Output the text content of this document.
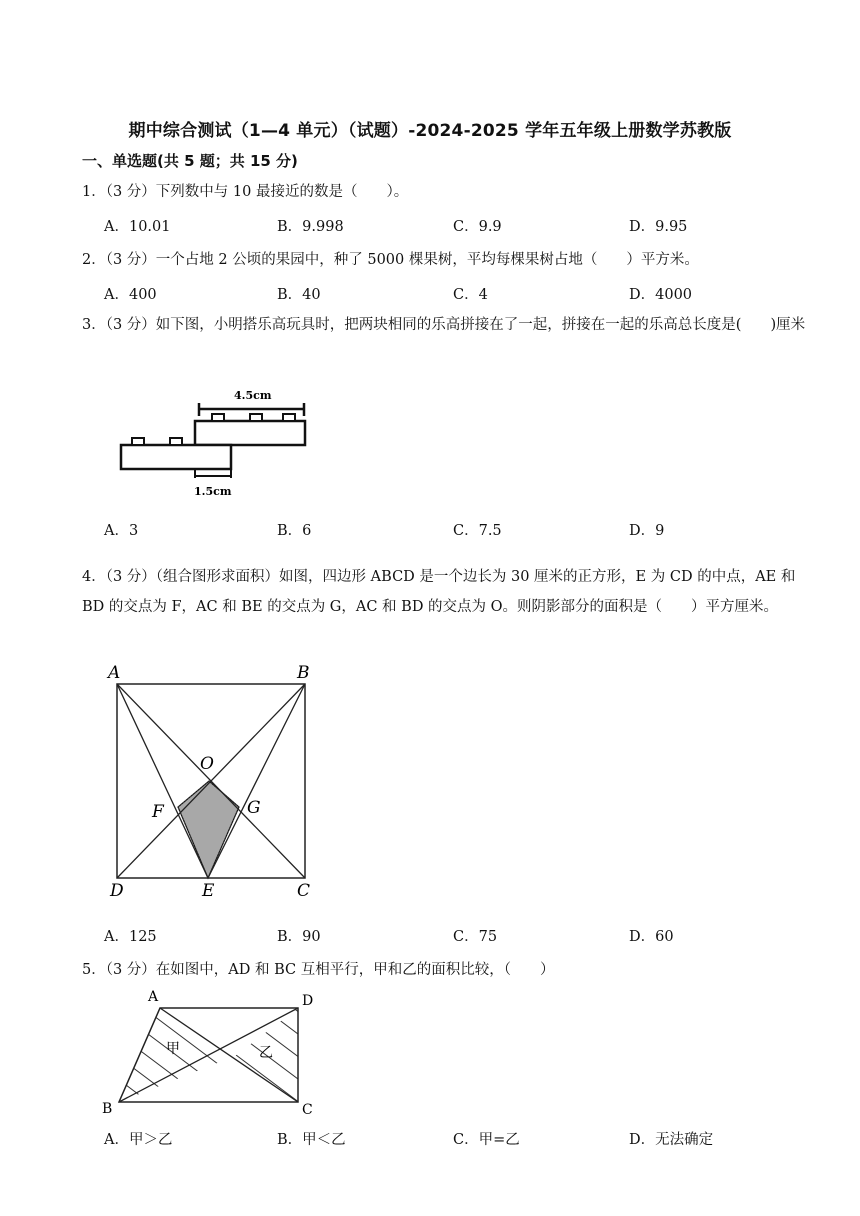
期中综合测试（1—4 单元）（试题）-2024-2025 学年五年级上册数学苏教版
一、单选题(共 5 题；共 15 分)
1．（3 分）下列数中与 10 最接近的数是（　　）。
A．10.01	B．9.998	C．9.9	D．9.95
2．（3 分）一个占地 2 公顷的果园中，种了 5000 棵果树，平均每棵果树占地（　　）平方米。
A．400	B．40	C．4	D．4000
3．（3 分）如下图，小明搭乐高玩具时，把两块相同的乐高拼接在了一起，拼接在一起的乐高总长度是(　　)厘米
4.5cm
1.5cm
A．3	B．6	C．7.5	D．9
4．（3 分）（组合图形求面积）如图，四边形 ABCD 是一个边长为 30 厘米的正方形，E 为 CD 的中点，AE 和 BD 的交点为 F，AC 和 BE 的交点为 G，AC 和 BD 的交点为 O。则阴影部分的面积是（　　）平方厘米。
A	B
C
D	E
F	G
O
A．125	B．90	C．75	D．60
5．（3 分）在如图中，AD 和 BC 互相平行，甲和乙的面积比较，（　　）
A
B	C
D
甲	乙
A．甲＞乙	B．甲＜乙	C．甲=乙	D．无法确定
